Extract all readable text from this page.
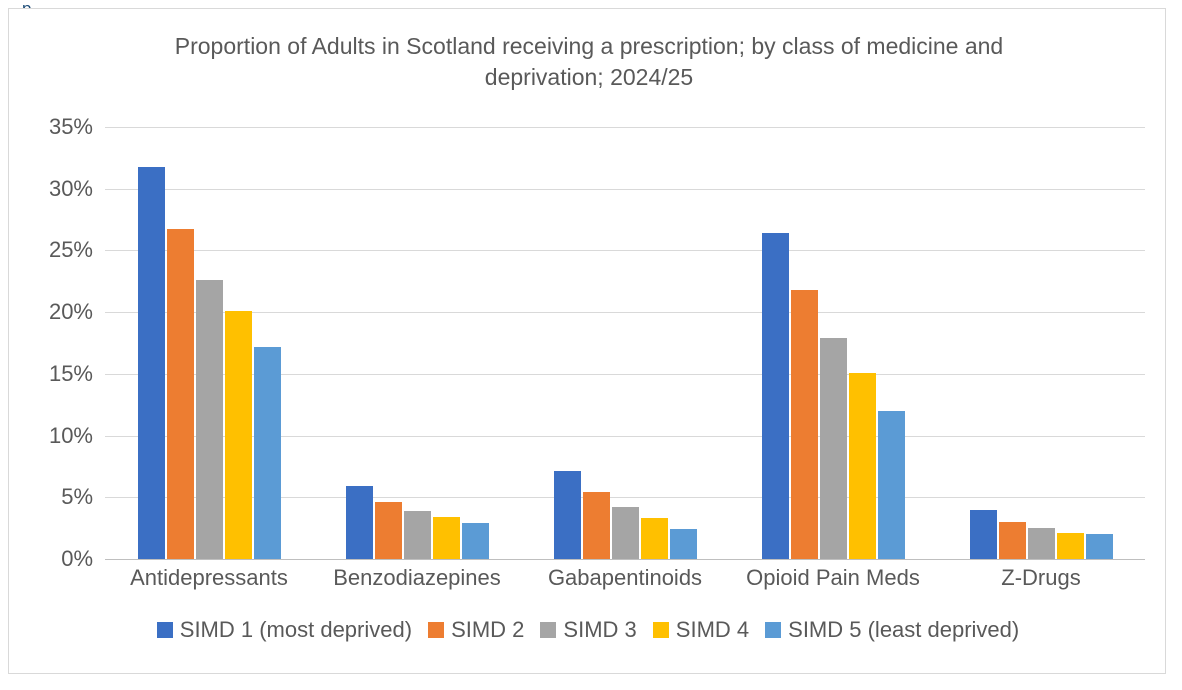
Proportion of Adults in Scotland receiving a prescription; by class of medicine and deprivation; 2024/25
0%
5%
10%
15%
20%
25%
30%
35%
Antidepressants	Benzodiazepines	Gabapentinoids	Opioid Pain Meds	Z-Drugs
SIMD 1 (most deprived) SIMD 2 SIMD 3 SIMD 4 SIMD 5 (least deprived)
